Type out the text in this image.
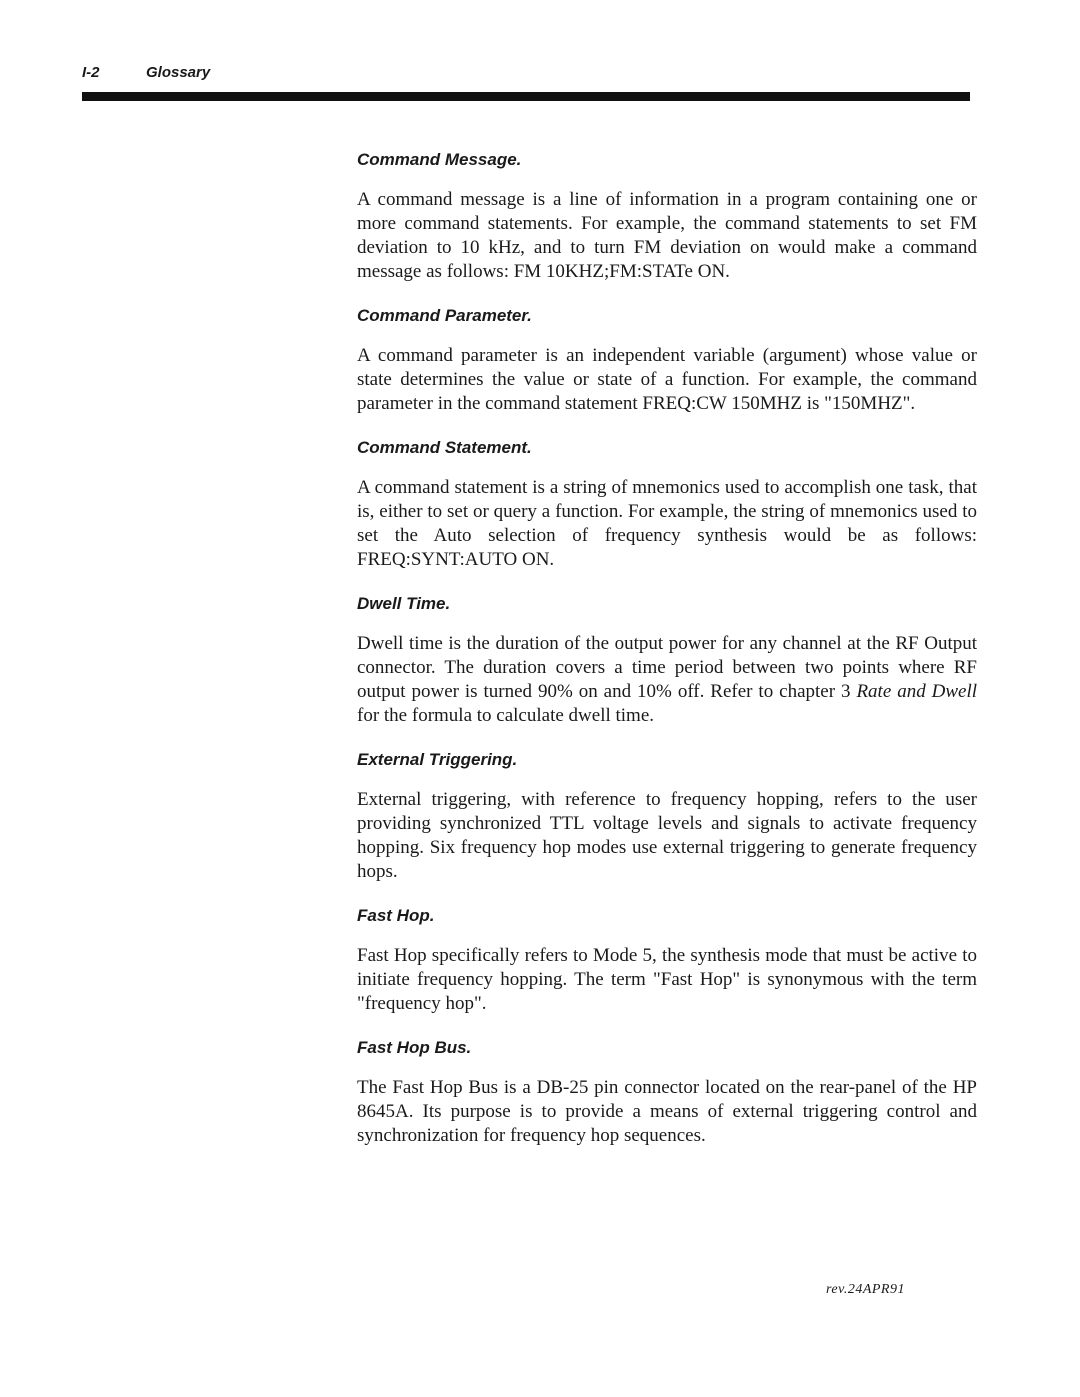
I-2	Glossary
Command Message.

A command message is a line of information in a program containing one or more command statements. For example, the command statements to set FM deviation to 10 kHz, and to turn FM deviation on would make a command message as follows: FM 10KHZ;FM:STATe ON.

Command Parameter.

A command parameter is an independent variable (argument) whose value or state determines the value or state of a function. For example, the command parameter in the command statement FREQ:CW 150MHZ is "150MHZ".

Command Statement.

A command statement is a string of mnemonics used to accomplish one task, that is, either to set or query a function. For example, the string of mnemonics used to set the Auto selection of frequency synthesis would be as follows: FREQ:SYNT:AUTO ON.

Dwell Time.

Dwell time is the duration of the output power for any channel at the RF Output connector. The duration covers a time period between two points where RF output power is turned 90% on and 10% off. Refer to chapter 3 Rate and Dwell for the formula to calculate dwell time.

External Triggering.

External triggering, with reference to frequency hopping, refers to the user providing synchronized TTL voltage levels and signals to activate frequency hopping. Six frequency hop modes use external triggering to generate frequency hops.

Fast Hop.

Fast Hop specifically refers to Mode 5, the synthesis mode that must be active to initiate frequency hopping. The term "Fast Hop" is synonymous with the term "frequency hop".

Fast Hop Bus.

The Fast Hop Bus is a DB-25 pin connector located on the rear-panel of the HP 8645A. Its purpose is to provide a means of external triggering control and synchronization for frequency hop sequences.

rev.24APR91
